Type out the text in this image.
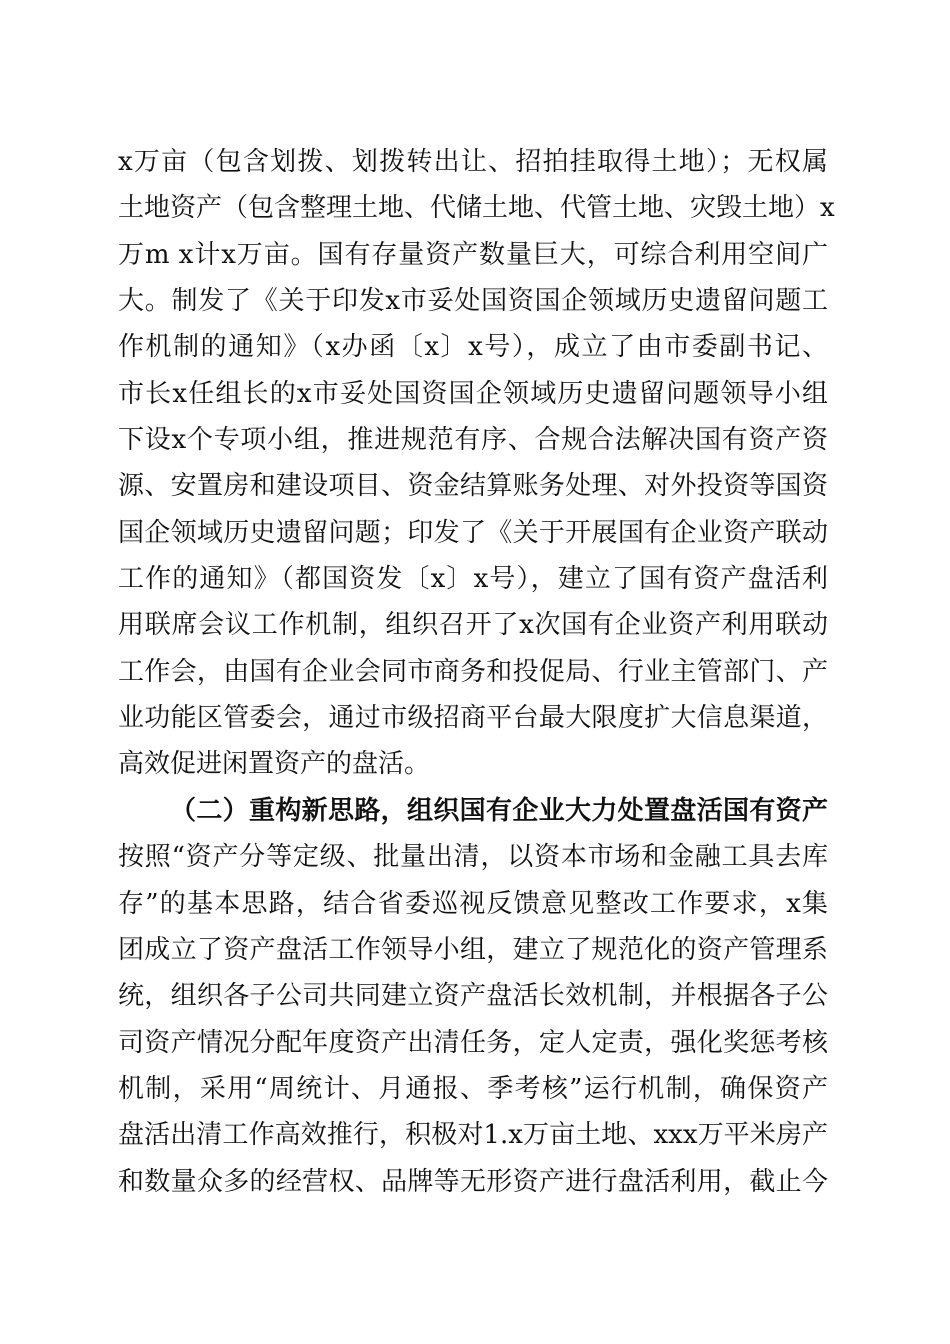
x万亩（包含划拨、划拨转出让、招拍挂取得土地）；无权属
土地资产（包含整理土地、代储土地、代管土地、灾毁土地）x
万m x计x万亩。国有存量资产数量巨大，可综合利用空间广
大。制发了《关于印发x市妥处国资国企领域历史遗留问题工
作机制的通知》（x办函〔x〕x号），成立了由市委副书记、
市长x任组长的x市妥处国资国企领域历史遗留问题领导小组
下设x个专项小组，推进规范有序、合规合法解决国有资产资
源、安置房和建设项目、资金结算账务处理、对外投资等国资
国企领域历史遗留问题；印发了《关于开展国有企业资产联动
工作的通知》（都国资发〔x〕x号），建立了国有资产盘活利
用联席会议工作机制，组织召开了x次国有企业资产利用联动
工作会，由国有企业会同市商务和投促局、行业主管部门、产
业功能区管委会，通过市级招商平台最大限度扩大信息渠道，
高效促进闲置资产的盘活。
（二）重构新思路，组织国有企业大力处置盘活国有资产
按照“资产分等定级、批量出清，以资本市场和金融工具去库
存”的基本思路，结合省委巡视反馈意见整改工作要求，x集
团成立了资产盘活工作领导小组，建立了规范化的资产管理系
统，组织各子公司共同建立资产盘活长效机制，并根据各子公
司资产情况分配年度资产出清任务，定人定责，强化奖惩考核
机制，采用“周统计、月通报、季考核”运行机制，确保资产
盘活出清工作高效推行，积极对1.x万亩土地、xxx万平米房产
和数量众多的经营权、品牌等无形资产进行盘活利用，截止今
